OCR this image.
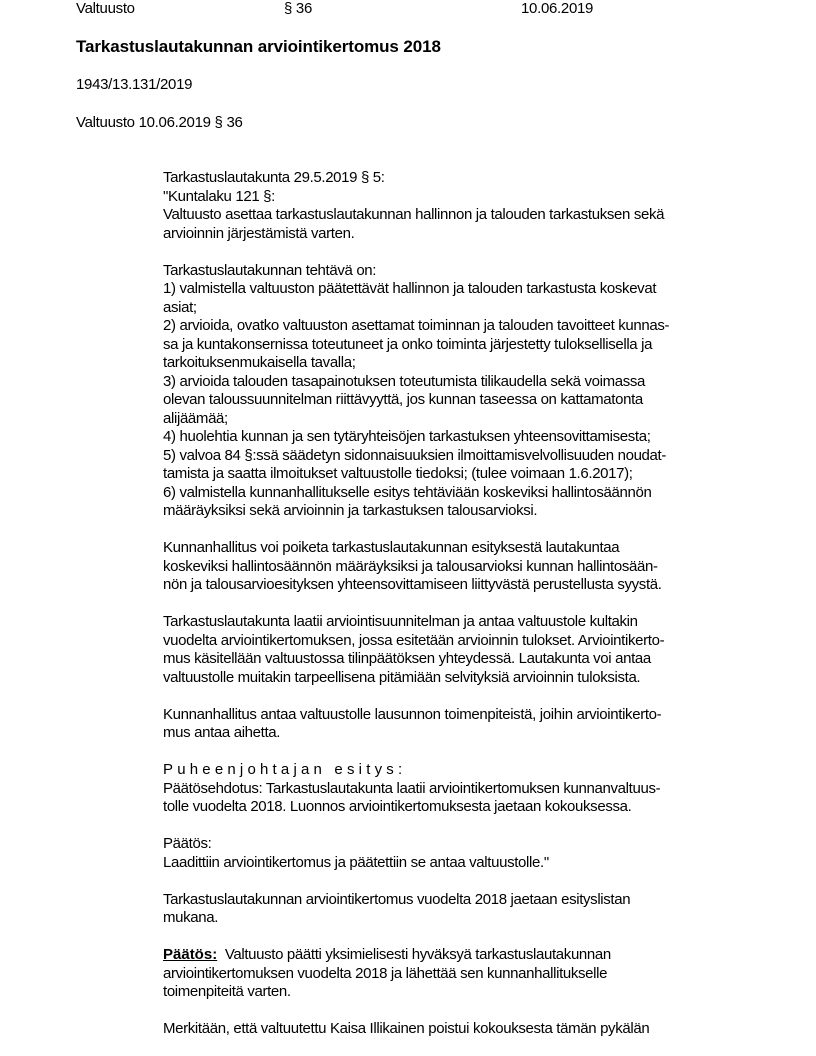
Valtuusto	§ 36	10.06.2019
Tarkastuslautakunnan arviointikertomus 2018
1943/13.131/2019
Valtuusto 10.06.2019 § 36
Tarkastuslautakunta 29.5.2019 § 5:
"Kuntalaku 121 §:
Valtuusto asettaa tarkastuslautakunnan hallinnon ja talouden tarkastuksen sekä
arvioinnin järjestämistä varten.
Tarkastuslautakunnan tehtävä on:
1) valmistella valtuuston päätettävät hallinnon ja talouden tarkastusta koskevat
asiat;
2) arvioida, ovatko valtuuston asettamat toiminnan ja talouden tavoitteet kunnas-
sa ja kuntakonsernissa toteutuneet ja onko toiminta järjestetty tuloksellisella ja
tarkoituksenmukaisella tavalla;
3) arvioida talouden tasapainotuksen toteutumista tilikaudella sekä voimassa
olevan taloussuunnitelman riittävyyttä, jos kunnan taseessa on kattamatonta
alijäämää;
4) huolehtia kunnan ja sen tytäryhteisöjen tarkastuksen yhteensovittamisesta;
5) valvoa 84 §:ssä säädetyn sidonnaisuuksien ilmoittamisvelvollisuuden noudat-
tamista ja saatta ilmoitukset valtuustolle tiedoksi; (tulee voimaan 1.6.2017);
6) valmistella kunnanhallitukselle esitys tehtäviään koskeviksi hallintosäännön
määräyksiksi sekä arvioinnin ja tarkastuksen talousarvioksi.
Kunnanhallitus voi poiketa tarkastuslautakunnan esityksestä lautakuntaa
koskeviksi hallintosäännön määräyksiksi ja talousarvioksi kunnan hallintosään-
nön ja talousarvioesityksen yhteensovittamiseen liittyvästä perustellusta syystä.
Tarkastuslautakunta laatii arviointisuunnitelman ja antaa valtuustole kultakin
vuodelta arviointikertomuksen, jossa esitetään arvioinnin tulokset. Arviointikerto-
mus käsitellään valtuustossa tilinpäätöksen yhteydessä. Lautakunta voi antaa
valtuustolle muitakin tarpeellisena pitämiään selvityksiä arvioinnin tuloksista.
Kunnanhallitus antaa valtuustolle lausunnon toimenpiteistä, joihin arviointikerto-
mus antaa aihetta.
Puheenjohtajan esitys:
Päätösehdotus: Tarkastuslautakunta laatii arviointikertomuksen kunnanvaltuus-
tolle vuodelta 2018. Luonnos arviointikertomuksesta jaetaan kokouksessa.
Päätös:
Laadittiin arviointikertomus ja päätettiin se antaa valtuustolle."
Tarkastuslautakunnan arviointikertomus vuodelta 2018 jaetaan esityslistan
mukana.
Päätös: Valtuusto päätti yksimielisesti hyväksyä tarkastuslautakunnan
arviointikertomuksen vuodelta 2018 ja lähettää sen kunnanhallitukselle
toimenpiteitä varten.
Merkitään, että valtuutettu Kaisa Illikainen poistui kokouksesta tämän pykälän
